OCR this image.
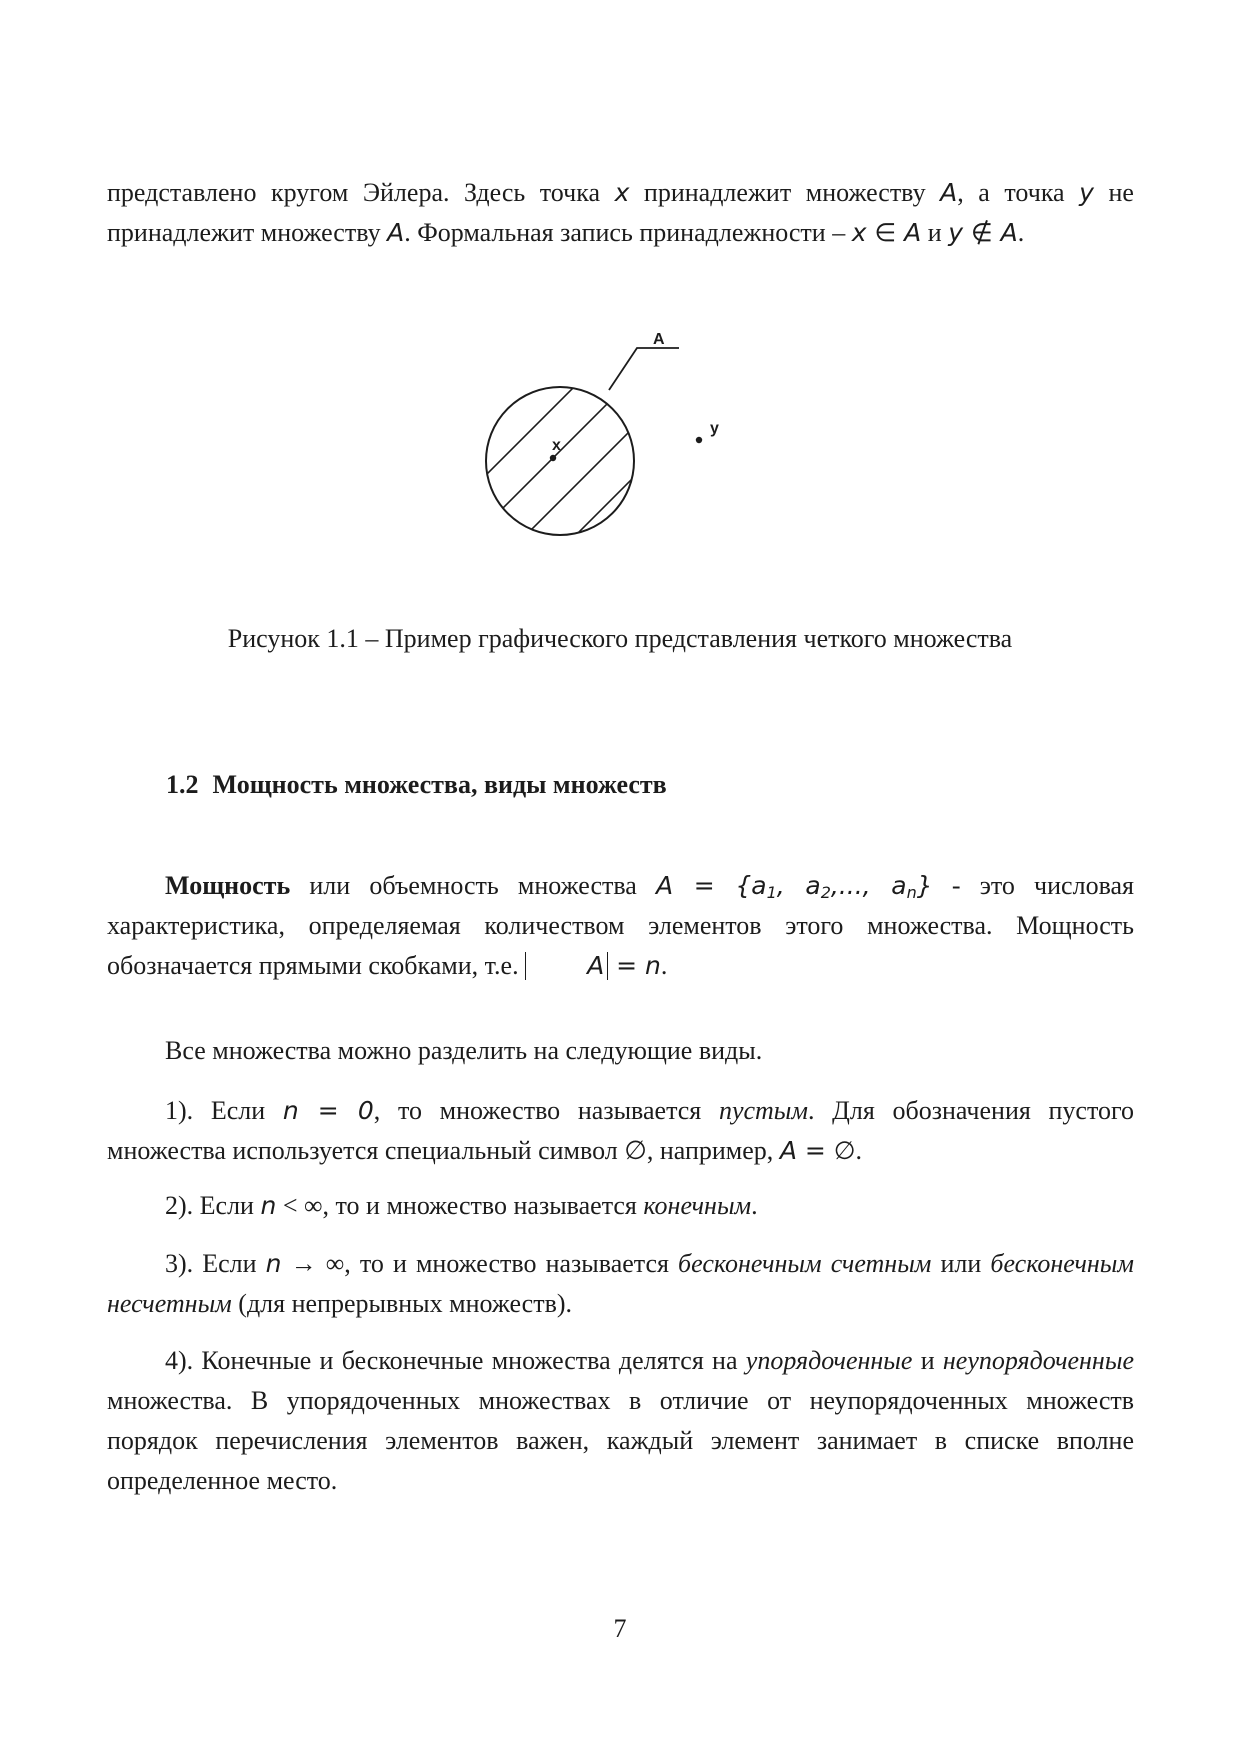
представлено кругом Эйлера. Здесь точка x принадлежит множеству A, а точка y не принадлежит множеству A. Формальная запись принадлежности – x ∈ A и y ∉ A.

A
x
y
Рисунок 1.1 – Пример графического представления четкого множества
1.2 Мощность множества, виды множеств

Мощность или объемность множества $A = \{a_1$, $a_2$,..., $a_n$} - это числовая характеристика, определяемая количеством элементов этого множества. Мощность обозначается прямыми скобками, т.е. A = n.

Все множества можно разделить на следующие виды.

1). Если n = 0, то множество называется пустым. Для обозначения пустого множества используется специальный символ ∅, например, A = ∅.

2). Если n < ∞, то и множество называется конечным.

3). Если n → ∞, то и множество называется бесконечным счетным или бесконечным несчетным (для непрерывных множеств).

4). Конечные и бесконечные множества делятся на упорядоченные и неупорядоченные множества. В упорядоченных множествах в отличие от неупорядоченных множеств порядок перечисления элементов важен, каждый элемент занимает в списке вполне определенное место.

7
